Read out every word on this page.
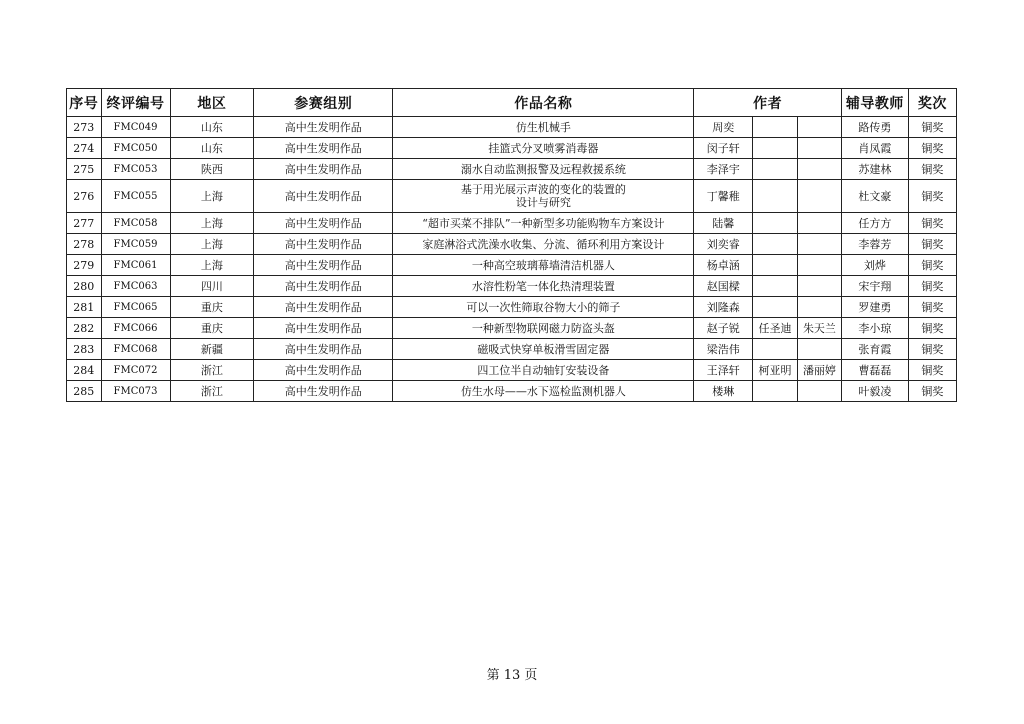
序号	终评编号	地区	参赛组别	作品名称	作者			辅导教师	奖次
273	FMC049	山东	高中生发明作品	仿生机械手	周奕			路传勇	铜奖
274	FMC050	山东	高中生发明作品	挂篮式分叉喷雾消毒器	闵子轩			肖凤霞	铜奖
275	FMC053	陕西	高中生发明作品	溺水自动监测报警及远程救援系统	李泽宇			苏建林	铜奖
276	FMC055	上海	高中生发明作品	基于用光展示声波的变化的装置的设计与研究	丁馨稚			杜文豪	铜奖
277	FMC058	上海	高中生发明作品	“超市买菜不排队”一种新型多功能购物车方案设计	陆馨			任方方	铜奖
278	FMC059	上海	高中生发明作品	家庭淋浴式洗澡水收集、分流、循环利用方案设计	刘奕睿			李蓉芳	铜奖
279	FMC061	上海	高中生发明作品	一种高空玻璃幕墙清洁机器人	杨卓涵			刘烨	铜奖
280	FMC063	四川	高中生发明作品	水溶性粉笔一体化热清理装置	赵国樑			宋宇翔	铜奖
281	FMC065	重庆	高中生发明作品	可以一次性筛取谷物大小的筛子	刘隆森			罗建勇	铜奖
282	FMC066	重庆	高中生发明作品	一种新型物联网磁力防盗头盔	赵子锐	任圣迪	朱天兰	李小琼	铜奖
283	FMC068	新疆	高中生发明作品	磁吸式快穿单板滑雪固定器	梁浩伟			张育霞	铜奖
284	FMC072	浙江	高中生发明作品	四工位半自动轴钉安装设备	王泽轩	柯亚明	潘丽婷	曹磊磊	铜奖
285	FMC073	浙江	高中生发明作品	仿生水母——水下巡检监测机器人	楼琳			叶毅凌	铜奖
第 13 页
